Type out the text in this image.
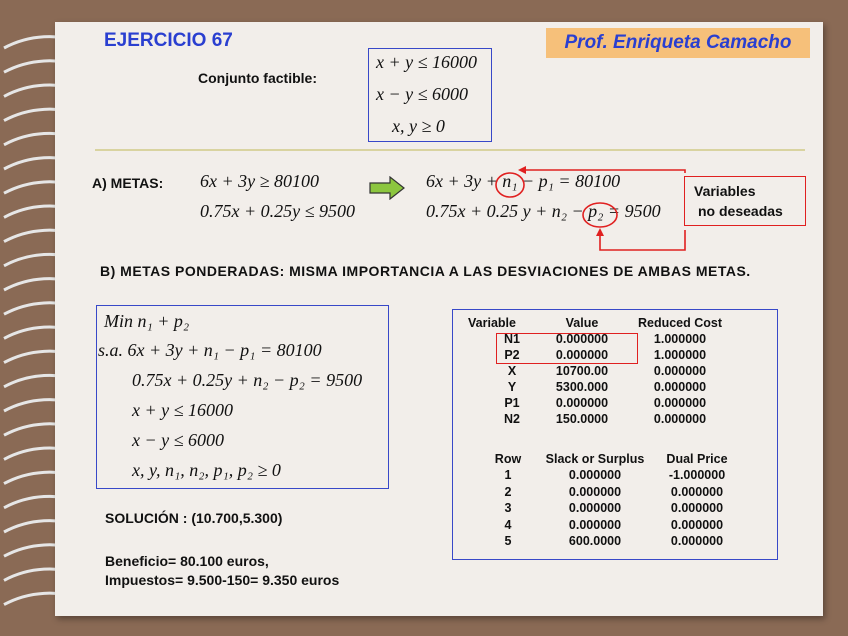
EJERCICIO 67	Prof. Enriqueta Camacho
Conjunto factible:
x + y ≤ 16000
x − y ≤ 6000
x, y ≥ 0
A) METAS: 6x + 3y ≥ 80100
0.75x + 0.25y ≤ 9500
6x + 3y + n₁ − p₁ = 80100
0.75x + 0.25 y + n₂ − p₂ = 9500
Variables
no deseadas
B) METAS PONDERADAS: MISMA IMPORTANCIA A LAS DESVIACIONES DE AMBAS METAS.
Min n₁ + p₂
s.a. 6x + 3y + n₁ − p₁ = 80100
0.75x + 0.25y + n₂ − p₂ = 9500
x + y ≤ 16000
x − y ≤ 6000
x, y, n₁, n₂, p₁, p₂ ≥ 0
Variable	Value	Reduced Cost
N1	0.000000	1.000000
P2	0.000000	1.000000
X	10700.00	0.000000
Y	5300.000	0.000000
P1	0.000000	0.000000
N2	150.0000	0.000000
Row	Slack or Surplus	Dual Price
1	0.000000	-1.000000
2	0.000000	0.000000
3	0.000000	0.000000
4	0.000000	0.000000
5	600.0000	0.000000
SOLUCIÓN : (10.700,5.300)
Beneficio= 80.100 euros,
Impuestos= 9.500-150= 9.350 euros
